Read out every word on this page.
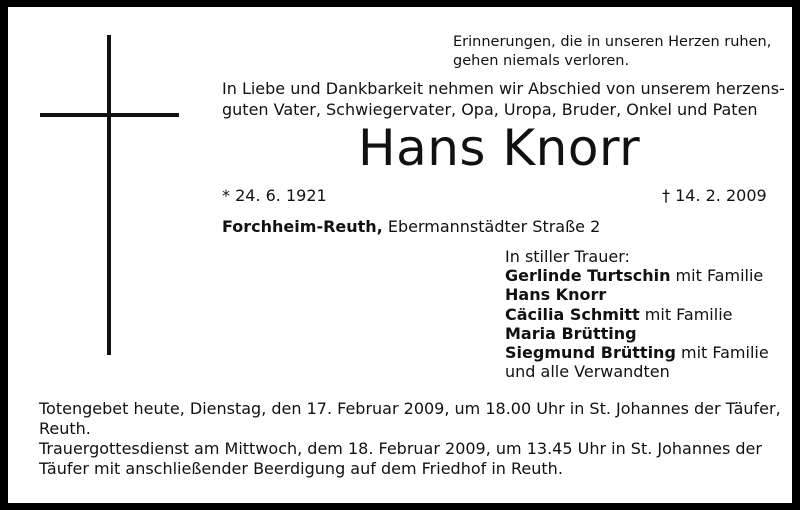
Erinnerungen, die in unseren Herzen ruhen,
gehen niemals verloren.
In Liebe und Dankbarkeit nehmen wir Abschied von unserem herzens-
guten Vater, Schwiegervater, Opa, Uropa, Bruder, Onkel und Paten
Hans Knorr
* 24. 6. 1921	† 14. 2. 2009
Forchheim-Reuth, Ebermannstädter Straße 2
In stiller Trauer:
Gerlinde Turtschin mit Familie
Hans Knorr
Cäcilia Schmitt mit Familie
Maria Brütting
Siegmund Brütting mit Familie
und alle Verwandten
Totengebet heute, Dienstag, den 17. Februar 2009, um 18.00 Uhr in St. Johannes der Täufer,
Reuth.
Trauergottesdienst am Mittwoch, dem 18. Februar 2009, um 13.45 Uhr in St. Johannes der
Täufer mit anschließender Beerdigung auf dem Friedhof in Reuth.
